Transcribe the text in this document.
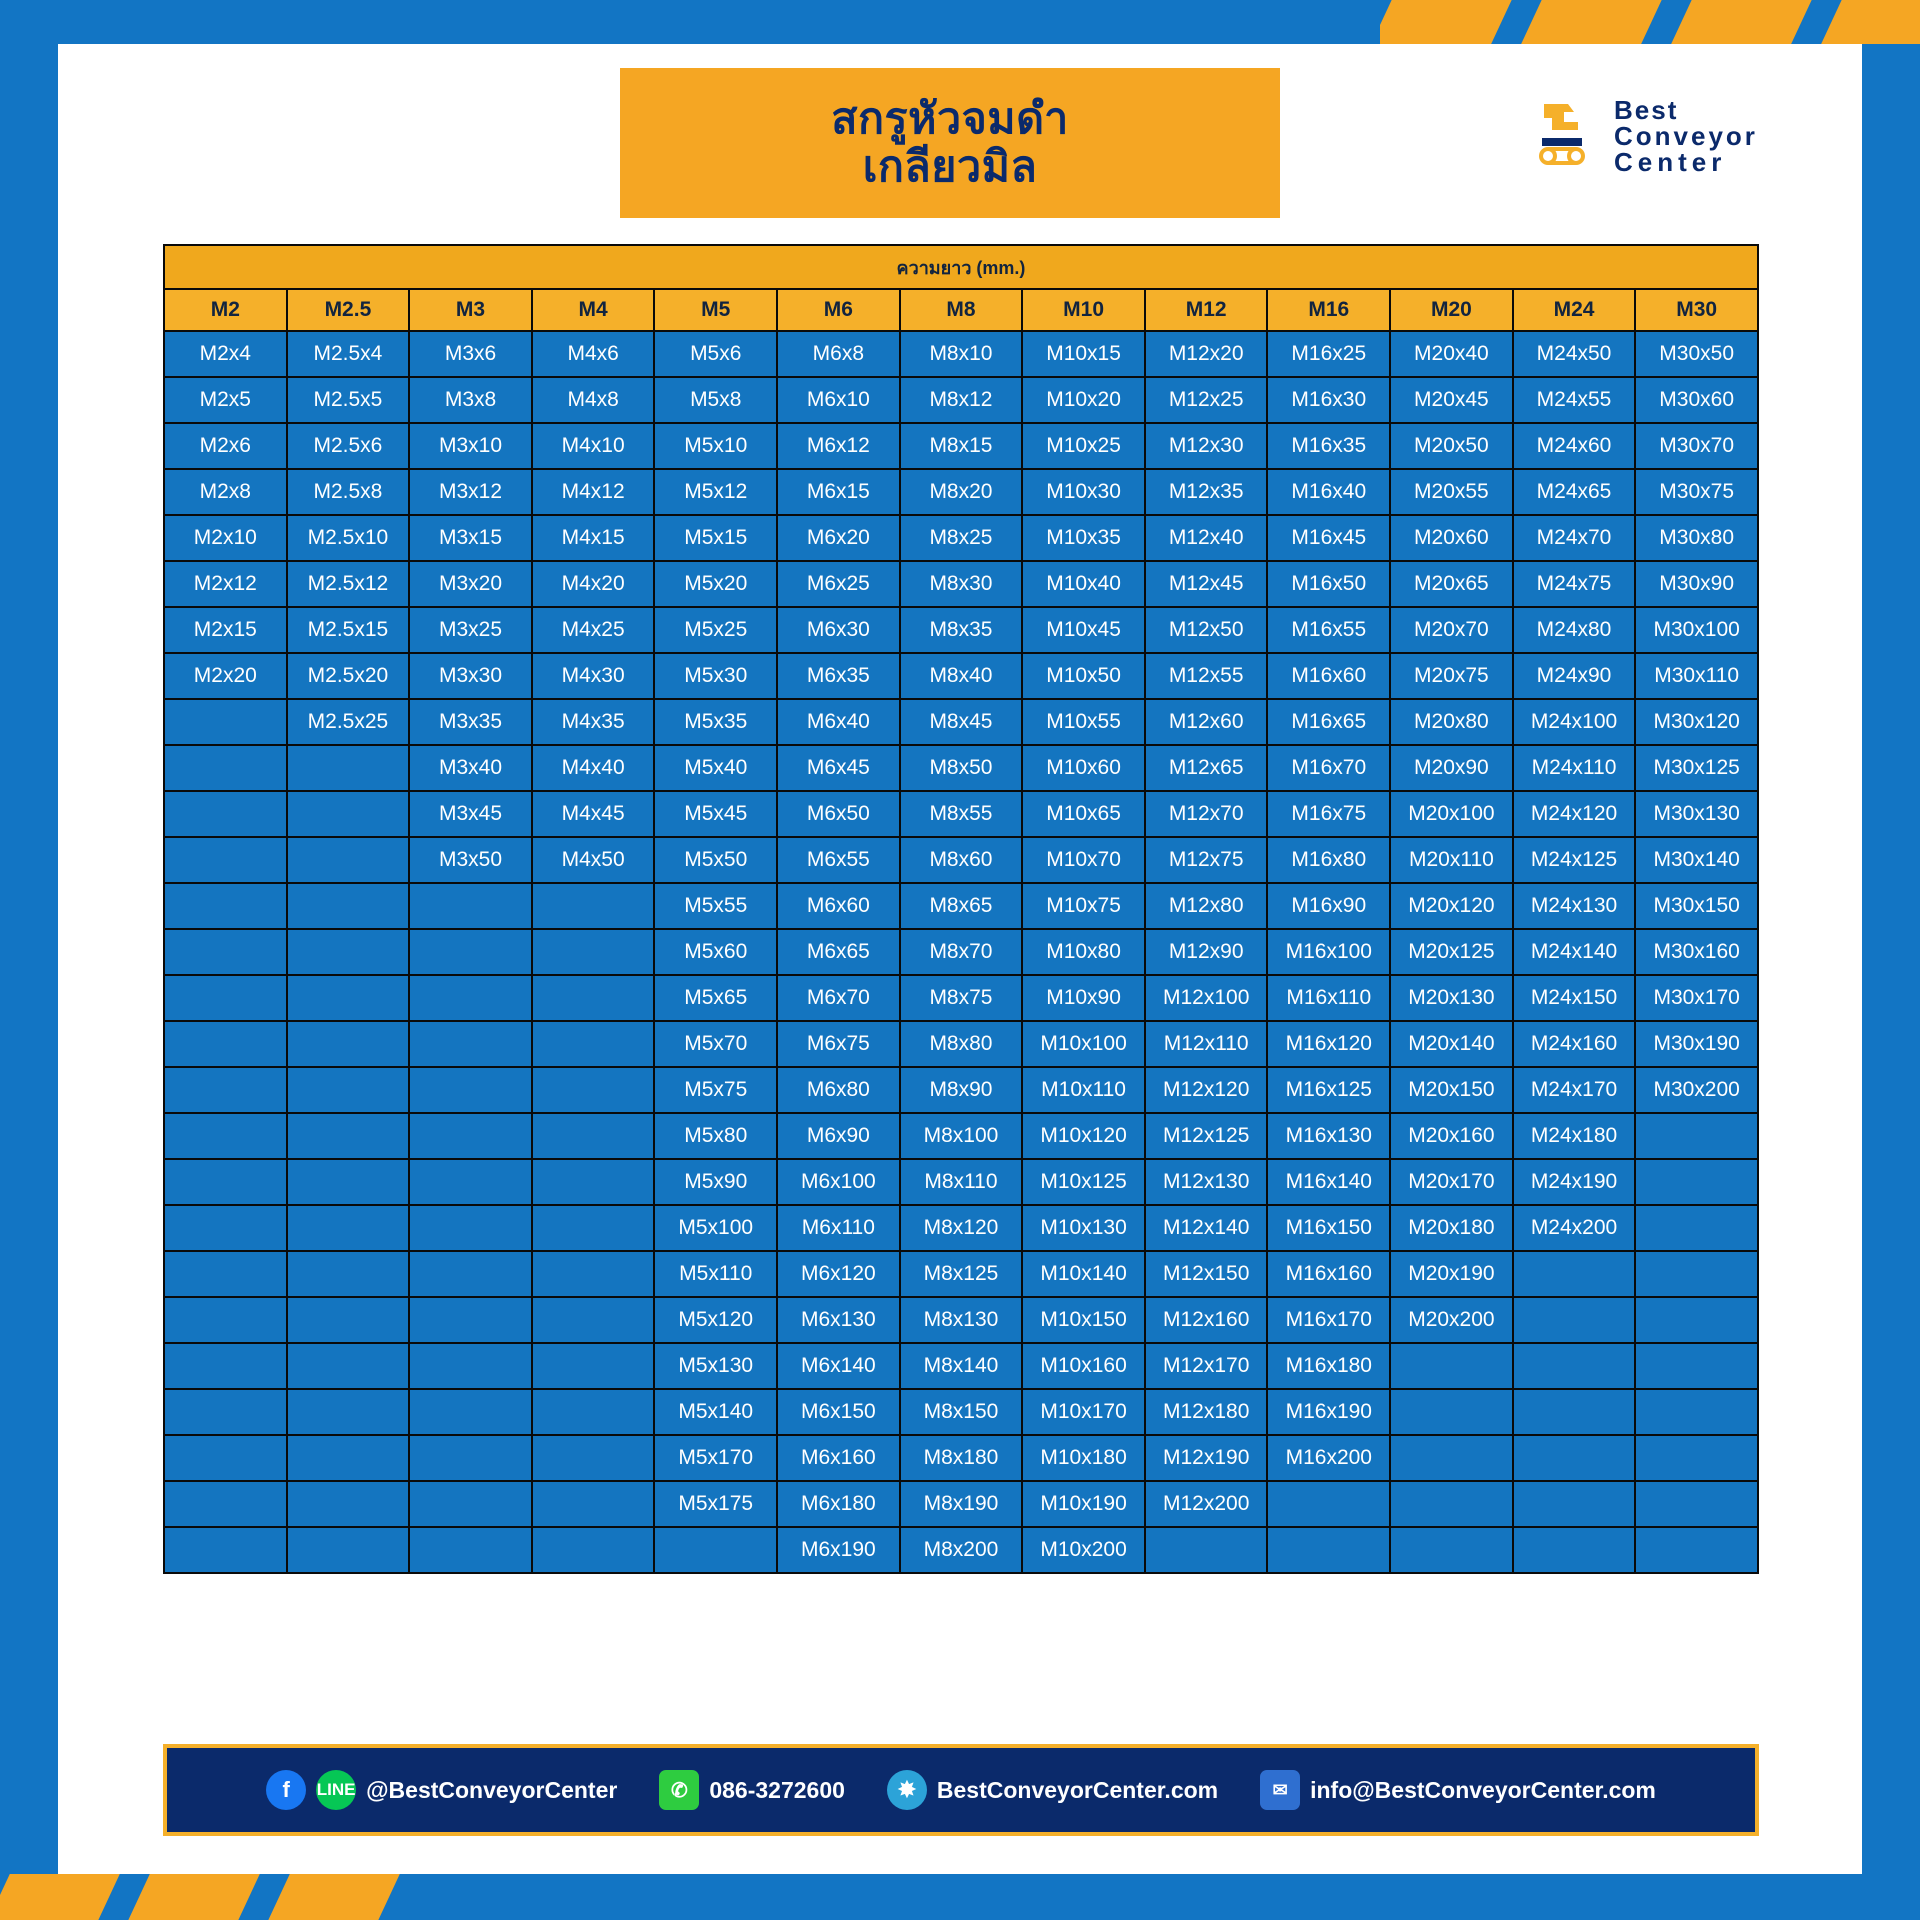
สกรูหัวจมดำ
เกลียวมิล
Best
Conveyor
Center
ความยาว (mm.)												
M2	M2.5	M3	M4	M5	M6	M8	M10	M12	M16	M20	M24	M30
M2x4	M2.5x4	M3x6	M4x6	M5x6	M6x8	M8x10	M10x15	M12x20	M16x25	M20x40	M24x50	M30x50
M2x5	M2.5x5	M3x8	M4x8	M5x8	M6x10	M8x12	M10x20	M12x25	M16x30	M20x45	M24x55	M30x60
M2x6	M2.5x6	M3x10	M4x10	M5x10	M6x12	M8x15	M10x25	M12x30	M16x35	M20x50	M24x60	M30x70
M2x8	M2.5x8	M3x12	M4x12	M5x12	M6x15	M8x20	M10x30	M12x35	M16x40	M20x55	M24x65	M30x75
M2x10	M2.5x10	M3x15	M4x15	M5x15	M6x20	M8x25	M10x35	M12x40	M16x45	M20x60	M24x70	M30x80
M2x12	M2.5x12	M3x20	M4x20	M5x20	M6x25	M8x30	M10x40	M12x45	M16x50	M20x65	M24x75	M30x90
M2x15	M2.5x15	M3x25	M4x25	M5x25	M6x30	M8x35	M10x45	M12x50	M16x55	M20x70	M24x80	M30x100
M2x20	M2.5x20	M3x30	M4x30	M5x30	M6x35	M8x40	M10x50	M12x55	M16x60	M20x75	M24x90	M30x110
	M2.5x25	M3x35	M4x35	M5x35	M6x40	M8x45	M10x55	M12x60	M16x65	M20x80	M24x100	M30x120
		M3x40	M4x40	M5x40	M6x45	M8x50	M10x60	M12x65	M16x70	M20x90	M24x110	M30x125
		M3x45	M4x45	M5x45	M6x50	M8x55	M10x65	M12x70	M16x75	M20x100	M24x120	M30x130
		M3x50	M4x50	M5x50	M6x55	M8x60	M10x70	M12x75	M16x80	M20x110	M24x125	M30x140
				M5x55	M6x60	M8x65	M10x75	M12x80	M16x90	M20x120	M24x130	M30x150
				M5x60	M6x65	M8x70	M10x80	M12x90	M16x100	M20x125	M24x140	M30x160
				M5x65	M6x70	M8x75	M10x90	M12x100	M16x110	M20x130	M24x150	M30x170
				M5x70	M6x75	M8x80	M10x100	M12x110	M16x120	M20x140	M24x160	M30x190
				M5x75	M6x80	M8x90	M10x110	M12x120	M16x125	M20x150	M24x170	M30x200
				M5x80	M6x90	M8x100	M10x120	M12x125	M16x130	M20x160	M24x180	
				M5x90	M6x100	M8x110	M10x125	M12x130	M16x140	M20x170	M24x190	
				M5x100	M6x110	M8x120	M10x130	M12x140	M16x150	M20x180	M24x200	
				M5x110	M6x120	M8x125	M10x140	M12x150	M16x160	M20x190		
				M5x120	M6x130	M8x130	M10x150	M12x160	M16x170	M20x200		
				M5x130	M6x140	M8x140	M10x160	M12x170	M16x180			
				M5x140	M6x150	M8x150	M10x170	M12x180	M16x190			
				M5x170	M6x160	M8x180	M10x180	M12x190	M16x200			
				M5x175	M6x180	M8x190	M10x190	M12x200				
					M6x190	M8x200	M10x200					
f	LINE @BestConveyorCenter	✆ 086-3272600	✸ BestConveyorCenter.com	✉ info@BestConveyorCenter.com
